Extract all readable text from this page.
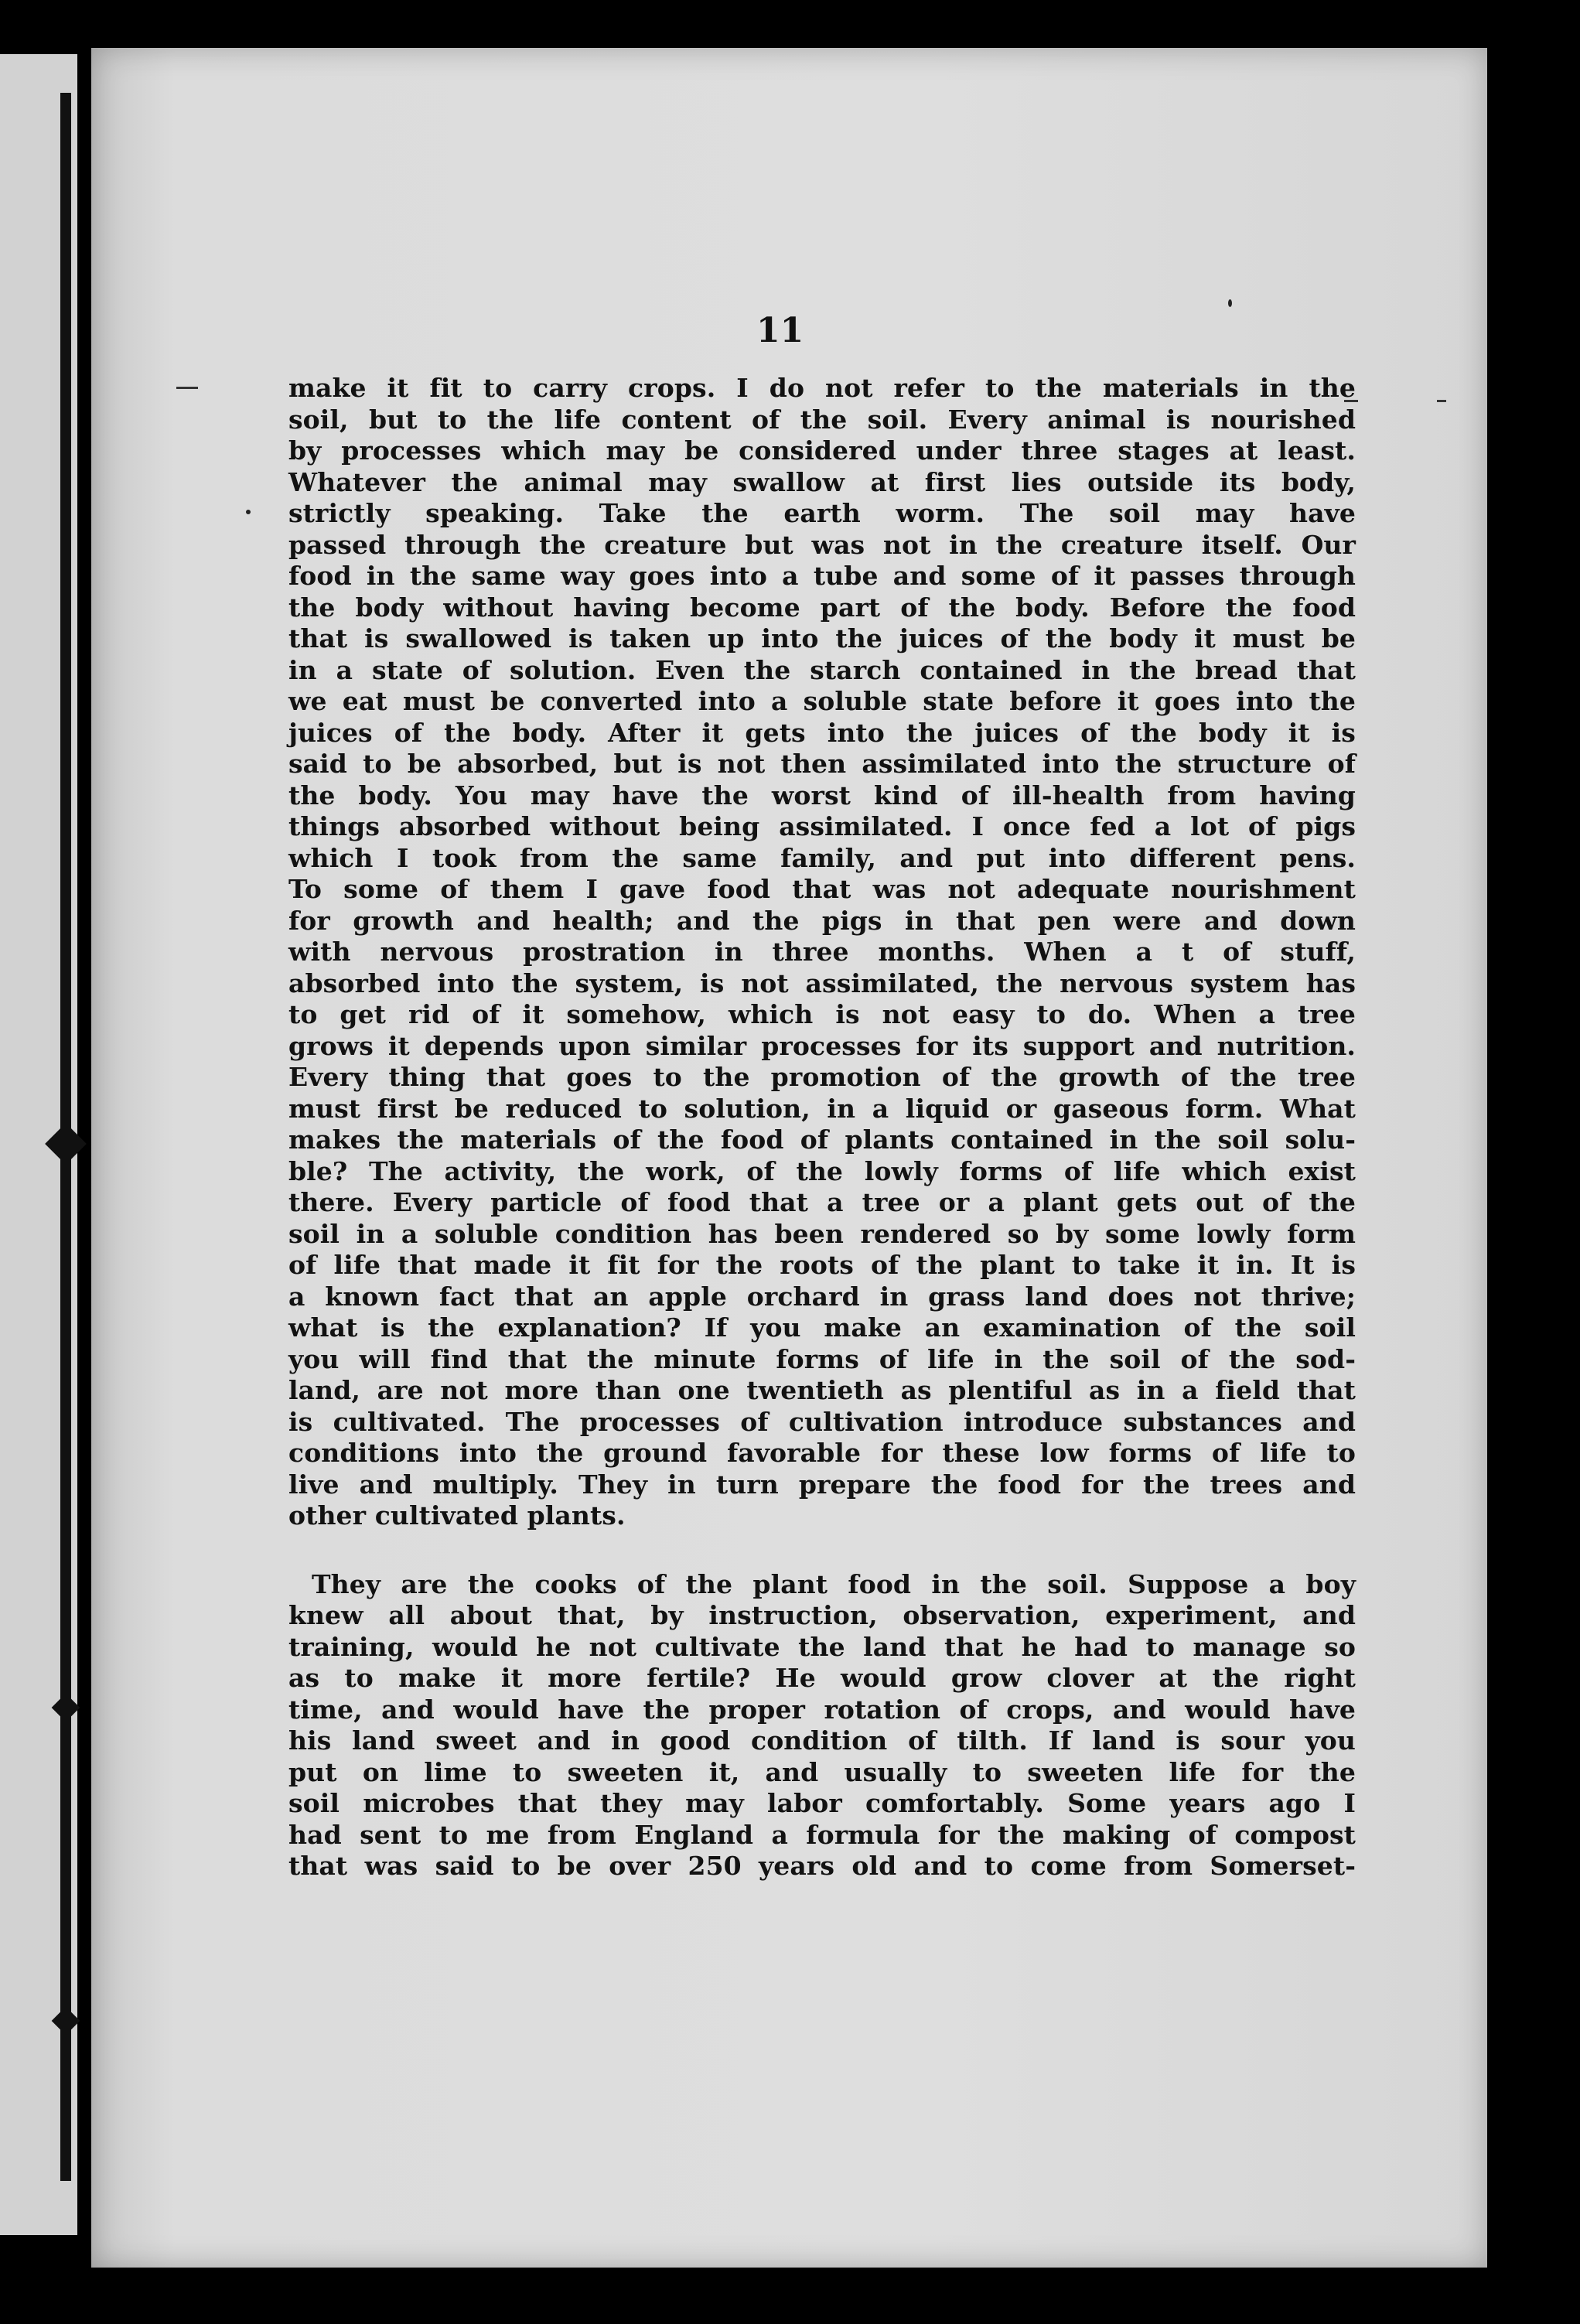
11
make it fit to carry crops. I do not refer to the materials in the
soil, but to the life content of the soil. Every animal is nourished
by processes which may be considered under three stages at least.
Whatever the animal may swallow at first lies outside its body,
strictly speaking. Take the earth worm. The soil may have
passed through the creature but was not in the creature itself. Our
food in the same way goes into a tube and some of it passes through
the body without having become part of the body. Before the food
that is swallowed is taken up into the juices of the body it must be
in a state of solution. Even the starch contained in the bread that
we eat must be converted into a soluble state before it goes into the
juices of the body. After it gets into the juices of the body it is
said to be absorbed, but is not then assimilated into the structure of
the body. You may have the worst kind of ill-health from having
things absorbed without being assimilated. I once fed a lot of pigs
which I took from the same family, and put into different pens.
To some of them I gave food that was not adequate nourishment
for growth and health; and the pigs in that pen were and down
with nervous prostration in three months. When a t of stuff,
absorbed into the system, is not assimilated, the nervous system has
to get rid of it somehow, which is not easy to do. When a tree
grows it depends upon similar processes for its support and nutrition.
Every thing that goes to the promotion of the growth of the tree
must first be reduced to solution, in a liquid or gaseous form. What
makes the materials of the food of plants contained in the soil solu-
ble? The activity, the work, of the lowly forms of life which exist
there. Every particle of food that a tree or a plant gets out of the
soil in a soluble condition has been rendered so by some lowly form
of life that made it fit for the roots of the plant to take it in. It is
a known fact that an apple orchard in grass land does not thrive;
what is the explanation? If you make an examination of the soil
you will find that the minute forms of life in the soil of the sod-
land, are not more than one twentieth as plentiful as in a field that
is cultivated. The processes of cultivation introduce substances and
conditions into the ground favorable for these low forms of life to
live and multiply. They in turn prepare the food for the trees and
other cultivated plants.
They are the cooks of the plant food in the soil. Suppose a boy
knew all about that, by instruction, observation, experiment, and
training, would he not cultivate the land that he had to manage so
as to make it more fertile? He would grow clover at the right
time, and would have the proper rotation of crops, and would have
his land sweet and in good condition of tilth. If land is sour you
put on lime to sweeten it, and usually to sweeten life for the
soil microbes that they may labor comfortably. Some years ago I
had sent to me from England a formula for the making of compost
that was said to be over 250 years old and to come from Somerset-
